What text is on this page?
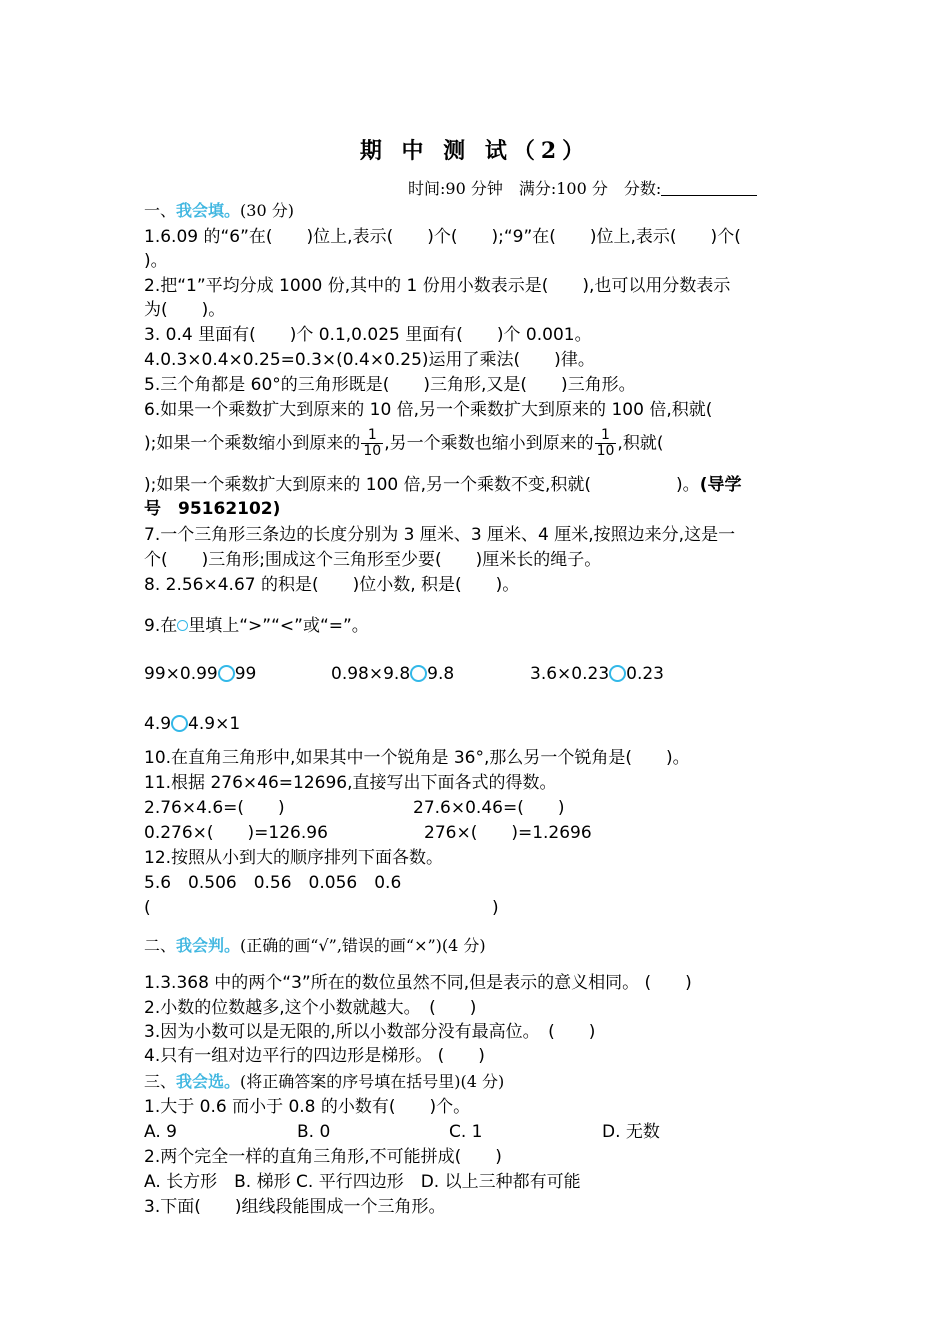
期 中 测 试（2）
时间:90 分钟　满分:100 分　分数:
一、我会填。(30 分)
1.6.09 的“6”在(　　)位上,表示(　　)个(　　);“9”在(　　)位上,表示(　　)个(
)。
2.把“1”平均分成 1000 份,其中的 1 份用小数表示是(　　),也可以用分数表示
为(　　)。
3. 0.4 里面有(　　)个 0.1,0.025 里面有(　　)个 0.001。
4.0.3×0.4×0.25=0.3×(0.4×0.25)运用了乘法(　　)律。
5.三个角都是 60°的三角形既是(　　)三角形,又是(　　)三角形。
6.如果一个乘数扩大到原来的 10 倍,另一个乘数扩大到原来的 100 倍,积就(
);如果一个乘数缩小到原来的 $\frac{1}{10}$ ,另一个乘数也缩小到原来的 $\frac{1}{10}$ ,积就(
);如果一个乘数扩大到原来的 100 倍,另一个乘数不变,积就(　　　　　)。(导学
号　95162102)
7.一个三角形三条边的长度分别为 3 厘米、3 厘米、4 厘米,按照边来分,这是一
个(　　)三角形;围成这个三角形至少要(　　)厘米长的绳子。
8. 2.56×4.67 的积是(　　)位小数, 积是(　　)。
9.在 里填上“>”“<”或“=”。
99×0.99 99	0.98×9.8 9.8	3.6×0.23 0.23
4.9 4.9×1
10.在直角三角形中,如果其中一个锐角是 36°,那么另一个锐角是(　　)。
11.根据 276×46=12696,直接写出下面各式的得数。
2.76×4.6=(　　)	27.6×0.46=(　　)
0.276×(　　)=126.96	276×(　　)=1.2696
12.按照从小到大的顺序排列下面各数。
5.6　0.506　0.56　0.056　0.6
(	)
二、我会判。(正确的画“√”,错误的画“×”)(4 分)
1.3.368 中的两个“3”所在的数位虽然不同,但是表示的意义相同。 (　　)
2.小数的位数越多,这个小数就越大。　(　　)
3.因为小数可以是无限的,所以小数部分没有最高位。　(　　)
4.只有一组对边平行的四边形是梯形。 (　　)
三、我会选。(将正确答案的序号填在括号里)(4 分)
1.大于 0.6 而小于 0.8 的小数有(　　)个。
A. 9	B. 0	C. 1	D. 无数
2.两个完全一样的直角三角形,不可能拼成(　　)
A. 长方形　B. 梯形 C. 平行四边形　D. 以上三种都有可能
3.下面(　　)组线段能围成一个三角形。
